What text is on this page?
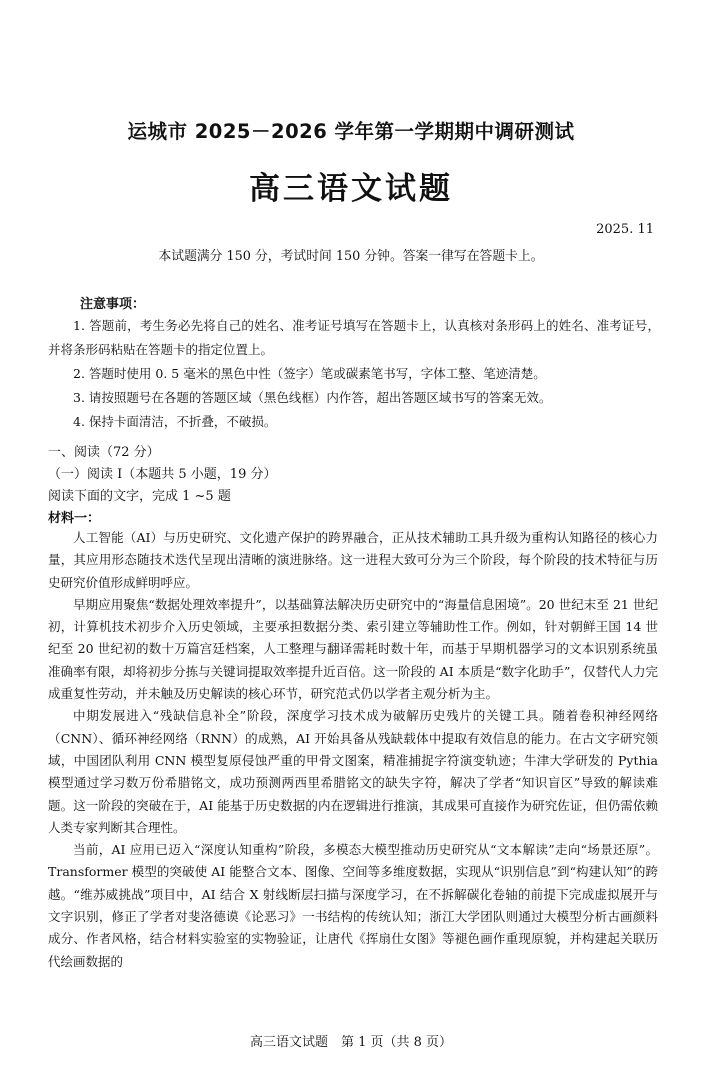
运城市 2025－2026 学年第一学期期中调研测试
高三语文试题
2025. 11
本试题满分 150 分，考试时间 150 分钟。答案一律写在答题卡上。
注意事项：

1. 答题前，考生务必先将自己的姓名、准考证号填写在答题卡上，认真核对条形码上的姓名、准考证号，并将条形码粘贴在答题卡的指定位置上。

2. 答题时使用 0. 5 毫米的黑色中性（签字）笔或碳素笔书写，字体工整、笔迹清楚。

3. 请按照题号在各题的答题区域（黑色线框）内作答，超出答题区域书写的答案无效。

4. 保持卡面清洁，不折叠，不破损。

一、阅读（72 分）
（一）阅读 Ⅰ（本题共 5 小题，19 分）
阅读下面的文字，完成 1 ~5 题
材料一：

人工智能（AI）与历史研究、文化遗产保护的跨界融合，正从技术辅助工具升级为重构认知路径的核心力量，其应用形态随技术迭代呈现出清晰的演进脉络。这一进程大致可分为三个阶段，每个阶段的技术特征与历史研究价值形成鲜明呼应。

早期应用聚焦“数据处理效率提升”，以基础算法解决历史研究中的“海量信息困境”。20 世纪末至 21 世纪初，计算机技术初步介入历史领域，主要承担数据分类、索引建立等辅助性工作。例如，针对朝鲜王国 14 世纪至 20 世纪初的数十万篇宫廷档案，人工整理与翻译需耗时数十年，而基于早期机器学习的文本识别系统虽准确率有限，却将初步分拣与关键词提取效率提升近百倍。这一阶段的 AI 本质是“数字化助手”，仅替代人力完成重复性劳动，并未触及历史解读的核心环节，研究范式仍以学者主观分析为主。

中期发展进入“残缺信息补全”阶段，深度学习技术成为破解历史残片的关键工具。随着卷积神经网络（CNN）、循环神经网络（RNN）的成熟，AI 开始具备从残缺载体中提取有效信息的能力。在古文字研究领域，中国团队利用 CNN 模型复原侵蚀严重的甲骨文图案，精准捕捉字符演变轨迹；牛津大学研发的 Pythia 模型通过学习数万份希腊铭文，成功预测两西里希腊铭文的缺失字符，解决了学者“知识盲区”导致的解读难题。这一阶段的突破在于，AI 能基于历史数据的内在逻辑进行推演，其成果可直接作为研究佐证，但仍需依赖人类专家判断其合理性。

当前，AI 应用已迈入“深度认知重构”阶段，多模态大模型推动历史研究从“文本解读”走向“场景还原”。Transformer 模型的突破使 AI 能整合文本、图像、空间等多维度数据，实现从“识别信息”到“构建认知”的跨越。“维苏威挑战”项目中，AI 结合 X 射线断层扫描与深度学习，在不拆解碳化卷轴的前提下完成虚拟展开与文字识别，修正了学者对斐洛德谟《论恶习》一书结构的传统认知；浙江大学团队则通过大模型分析古画颜料成分、作者风格，结合材料实验室的实物验证，让唐代《挥扇仕女图》等褪色画作重现原貌，并构建起关联历代绘画数据的

高三语文试题　第 1 页（共 8 页）
